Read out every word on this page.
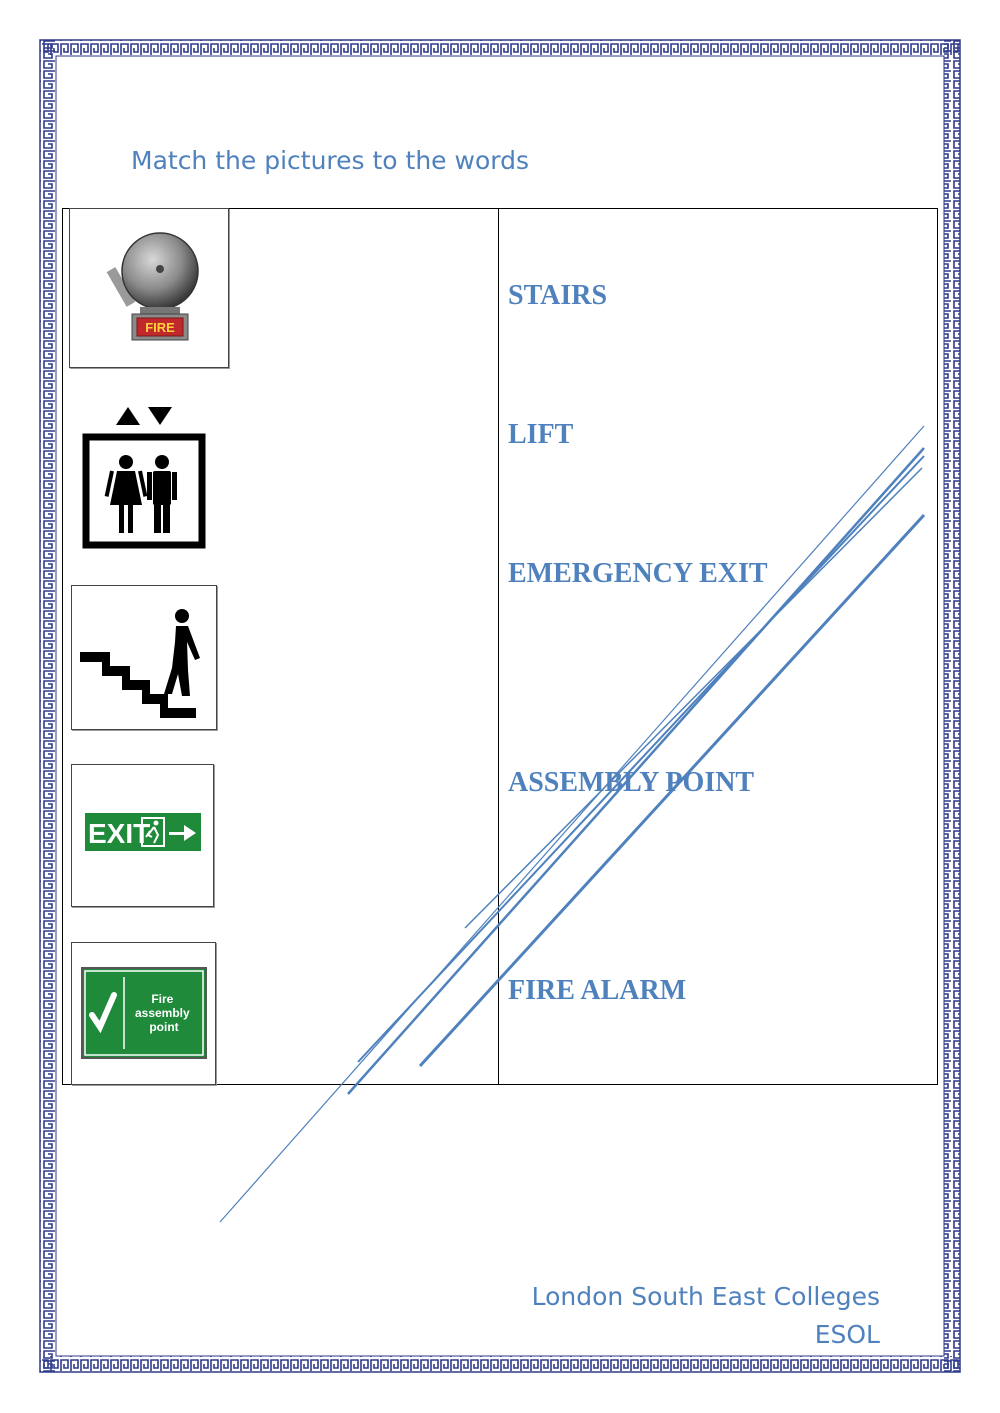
Match the pictures to the words
FIRE
EXIT
Fire assembly point
STAIRS
LIFT
EMERGENCY EXIT
ASSEMBLY POINT
FIRE ALARM
London South East Colleges
ESOL
